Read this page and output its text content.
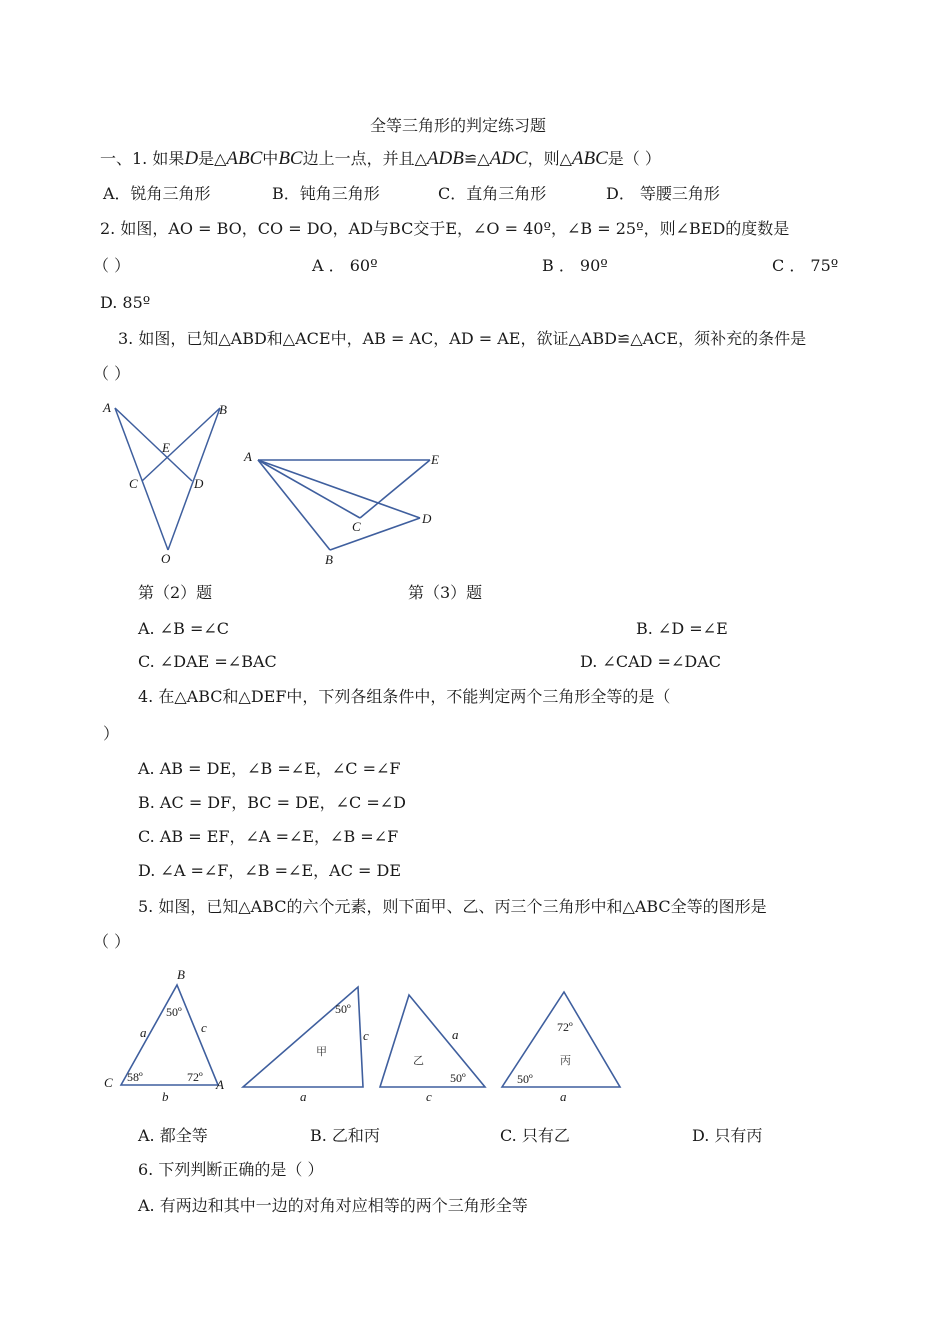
全等三角形的判定练习题
一、1. 如果D是△ABC中BC边上一点，并且△ADB≌△ADC，则△ABC是（ ）
A．锐角三角形	B．钝角三角形	C．直角三角形	D． 等腰三角形
2. 如图，AO = BO，CO = DO，AD与BC交于E，∠O = 40º，∠B = 25º，则∠BED的度数是
（ ）	A ． 60º	B ． 90º	C ． 75º
D. 85º
3. 如图，已知△ABD和△ACE中，AB = AC，AD = AE，欲证△ABD≌△ACE，须补充的条件是
（ ）
A	B
E
C	D
O
A	E
C
D
B
第（2）题	第（3）题
A. ∠B =∠C	B. ∠D =∠E
C. ∠DAE =∠BAC	D. ∠CAD =∠DAC
4. 在△ABC和△DEF中，下列各组条件中，不能判定两个三角形全等的是（
）
A. AB = DE，∠B =∠E，∠C =∠F
B. AC = DF，BC = DE，∠C =∠D
C. AB = EF，∠A =∠E，∠B =∠F
D. ∠A =∠F，∠B =∠E，AC = DE
5. 如图，已知△ABC的六个元素，则下面甲、乙、丙三个三角形中和△ABC全等的图形是
（ ）
B
C	A
a	c
b
50º
58º	72º
甲
50º
c
a
乙
a
50º
c
72º
丙
50º
a
A. 都全等	B. 乙和丙	C. 只有乙	D. 只有丙
6. 下列判断正确的是（ ）
A. 有两边和其中一边的对角对应相等的两个三角形全等
